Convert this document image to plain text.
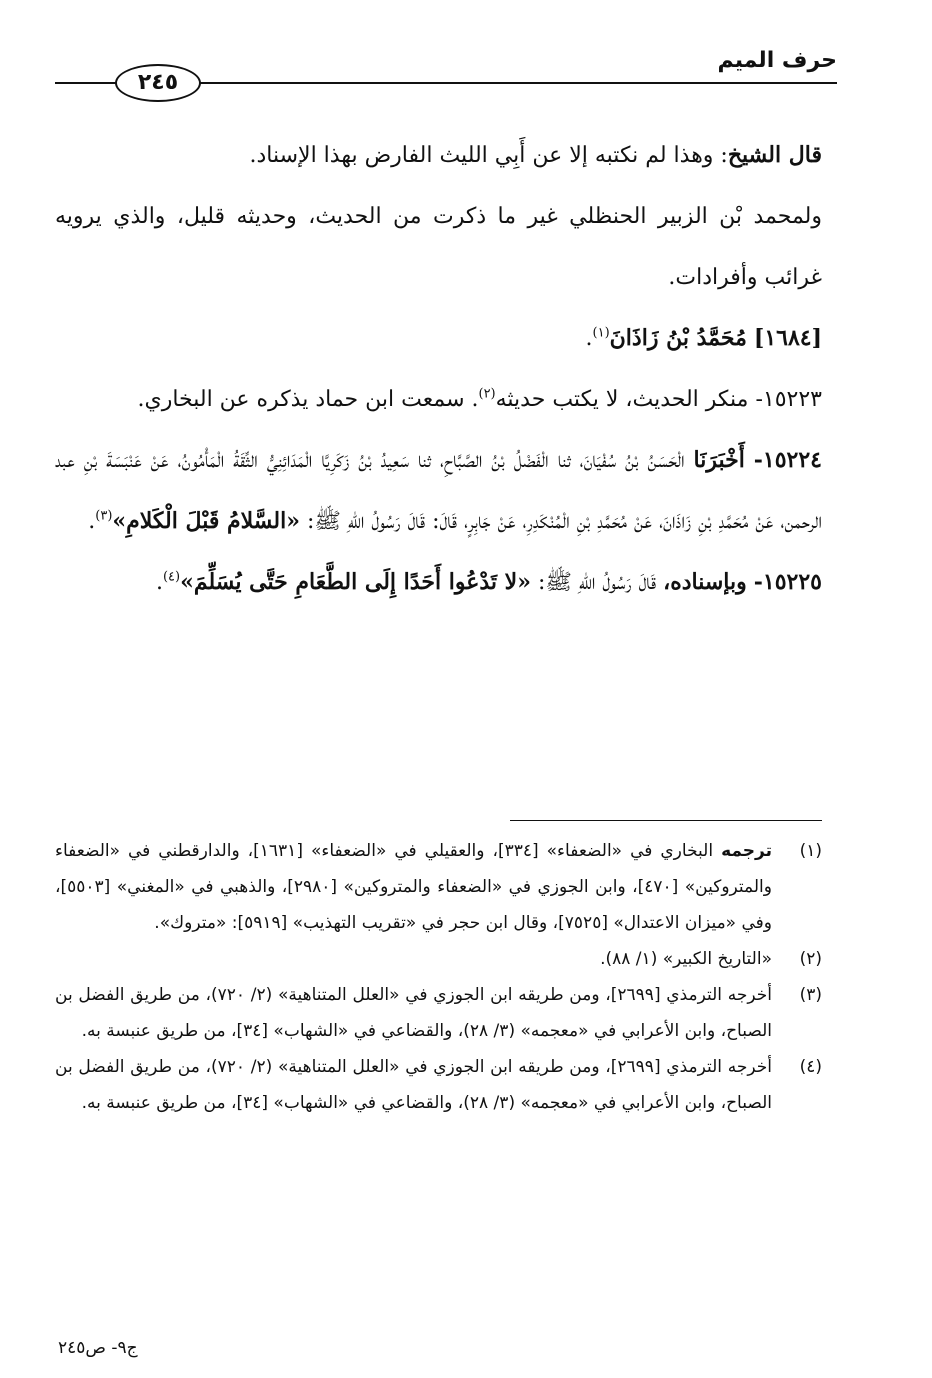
حرف الميم
٢٤٥

قال الشيخ: وهذا لم نكتبه إلا عن أَبِي الليث الفارض بهذا الإسناد.

ولمحمد بْن الزبير الحنظلي غير ما ذكرت من الحديث، وحديثه قليل، والذي يرويه غرائب وأفرادات.

[١٦٨٤] مُحَمَّدُ بْنُ زَاذَانَ$^{(١)}$.

١٥٢٢٣- منكر الحديث، لا يكتب حديثه$^{(٢)}$. سمعت ابن حماد يذكره عن البخاري.

١٥٢٢٤- أَخْبَرَنَا الْحَسَنُ بْنُ سُفْيَانَ، ثنا الْفَضْلُ بْنُ الصَّبَّاحِ، ثنا سَعِيدُ بْنُ زَكَرِيَّا الْمَدَائِنِيُّ الثِّقَةُ الْمَأْمُونُ، عَنْ عَنْبَسَةَ بْنِ عبد الرحمن، عَنْ مُحَمَّدِ بْنِ زَاذَانَ، عَنْ مُحَمَّدِ بْنِ الْمُنْكَدِرِ، عَنْ جَابِرٍ، قَالَ: قَالَ رَسُولُ اللهِ ﷺ: «السَّلامُ قَبْلَ الْكَلامِ»$^{(٣)}$.

١٥٢٢٥- وبإسناده، قَالَ رَسُولُ اللهِ ﷺ: «لا تَدْعُوا أَحَدًا إِلَى الطَّعَامِ حَتَّى يُسَلِّمَ»$^{(٤)}$.

(١)
ترجمه البخاري في «الضعفاء» [٣٣٤]، والعقيلي في «الضعفاء» [١٦٣١]، والدارقطني في «الضعفاء والمتروكين» [٤٧٠]، وابن الجوزي في «الضعفاء والمتروكين» [٢٩٨٠]، والذهبي في «المغني» [٥٥٠٣]، وفي «ميزان الاعتدال» [٧٥٢٥]، وقال ابن حجر في «تقريب التهذيب» [٥٩١٩]: «متروك».

(٢)
«التاريخ الكبير» (١/ ٨٨).

(٣)
أخرجه الترمذي [٢٦٩٩]، ومن طريقه ابن الجوزي في «العلل المتناهية» (٢/ ٧٢٠)، من طريق الفضل بن الصباح، وابن الأعرابي في «معجمه» (٣/ ٢٨)، والقضاعي في «الشهاب» [٣٤]، من طريق عنبسة به.

(٤)
أخرجه الترمذي [٢٦٩٩]، ومن طريقه ابن الجوزي في «العلل المتناهية» (٢/ ٧٢٠)، من طريق الفضل بن الصباح، وابن الأعرابي في «معجمه» (٣/ ٢٨)، والقضاعي في «الشهاب» [٣٤]، من طريق عنبسة به.

ج٩- ص٢٤٥
